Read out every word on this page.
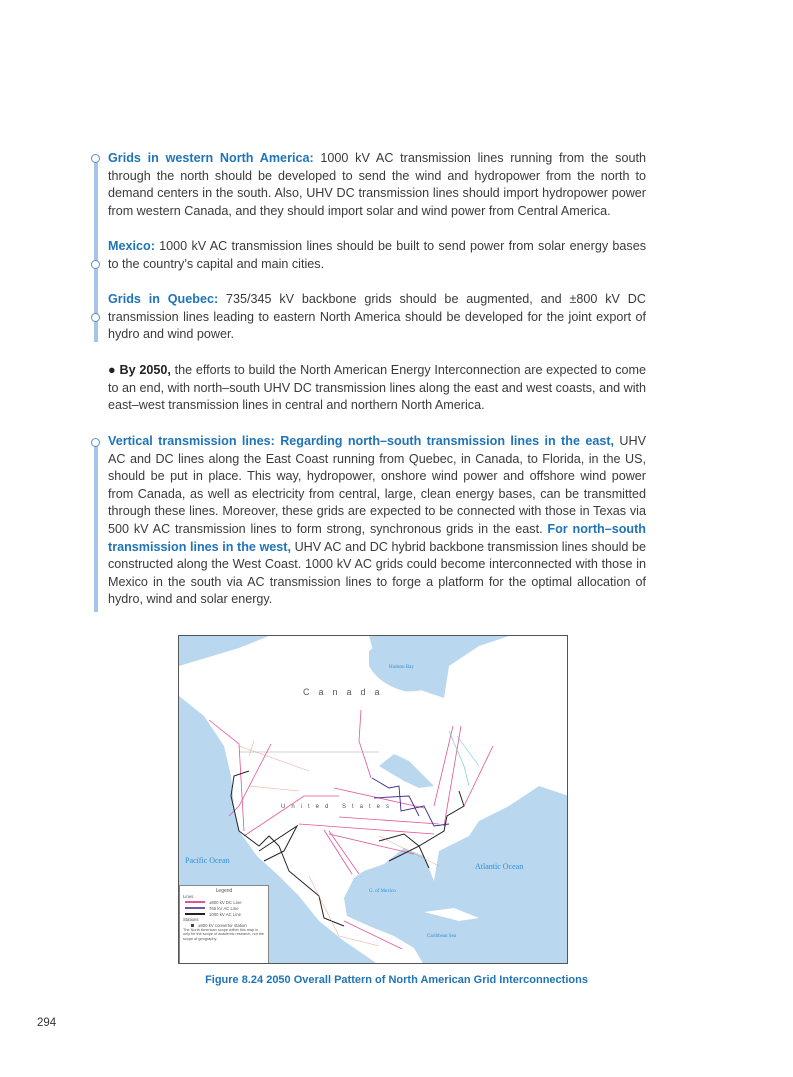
Grids in western North America: 1000 kV AC transmission lines running from the south through the north should be developed to send the wind and hydropower from the north to demand centers in the south. Also, UHV DC transmission lines should import hydropower power from western Canada, and they should import solar and wind power from Central America.

Mexico: 1000 kV AC transmission lines should be built to send power from solar energy bases to the country’s capital and main cities.

Grids in Quebec: 735/345 kV backbone grids should be augmented, and ±800 kV DC transmission lines leading to eastern North America should be developed for the joint export of hydro and wind power.

● By 2050, the efforts to build the North American Energy Interconnection are expected to come to an end, with north–south UHV DC transmission lines along the east and west coasts, and with east–west transmission lines in central and northern North America.

Vertical transmission lines: Regarding north–south transmission lines in the east, UHV AC and DC lines along the East Coast running from Quebec, in Canada, to Florida, in the US, should be put in place. This way, hydropower, onshore wind power and offshore wind power from Canada, as well as electricity from central, large, clean energy bases, can be transmitted through these lines. Moreover, these grids are expected to be connected with those in Texas via 500 kV AC transmission lines to form strong, synchronous grids in the east. For north–south transmission lines in the west, UHV AC and DC hybrid backbone transmission lines should be constructed along the West Coast. 1000 kV AC grids could become interconnected with those in Mexico in the south via AC transmission lines to forge a platform for the optimal allocation of hydro, wind and solar energy.

Hudson Bay
Canada
United States
Pacific Ocean
Atlantic Ocean
G. of Mexico
Caribbean Sea
Legend
Lines
±800 kV DC Line
765 kV AC Line
1000 kV AC Line
Stations
±800 kV convertor station
The North American scope within this map is only for the scope of academic research, not the scope of geography.
Figure 8.24 2050 Overall Pattern of North American Grid Interconnections
294
